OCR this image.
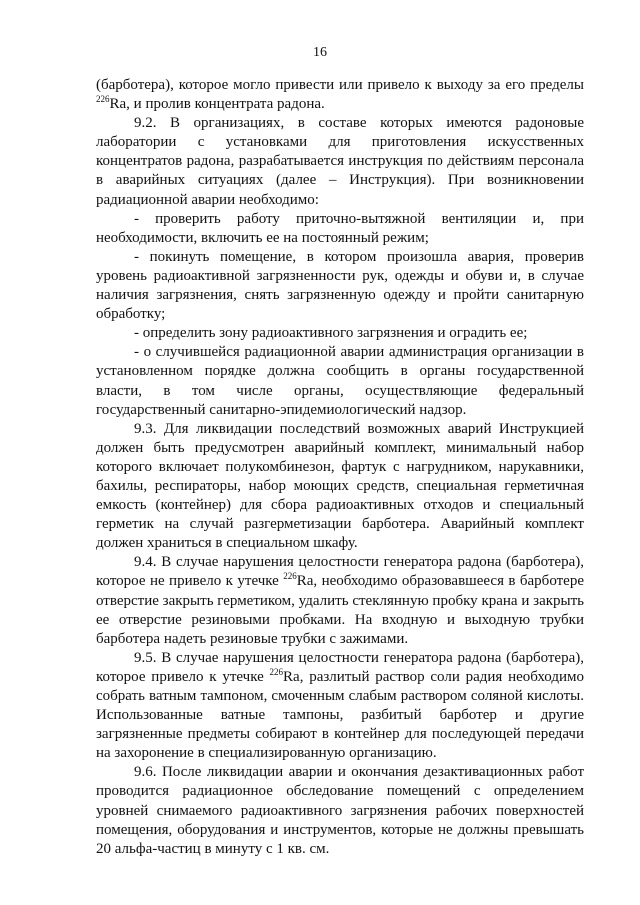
16

(барботера), которое могло привести или привело к выходу за его пределы $^{226}$Ra, и пролив концентрата радона.

9.2. В организациях, в составе которых имеются радоновые лаборатории с установками для приготовления искусственных концентратов радона, разрабатывается инструкция по действиям персонала в аварийных ситуациях (далее – Инструкция). При возникновении радиационной аварии необходимо:

- проверить работу приточно-вытяжной вентиляции и, при необходимости, включить ее на постоянный режим;

- покинуть помещение, в котором произошла авария, проверив уровень радиоактивной загрязненности рук, одежды и обуви и, в случае наличия загрязнения, снять загрязненную одежду и пройти санитарную обработку;

- определить зону радиоактивного загрязнения и оградить ее;

- о случившейся радиационной аварии администрация организации в установленном порядке должна сообщить в органы государственной власти, в том числе органы, осуществляющие федеральный государственный санитарно-эпидемиологический надзор.

9.3. Для ликвидации последствий возможных аварий Инструкцией должен быть предусмотрен аварийный комплект, минимальный набор которого включает полукомбинезон, фартук с нагрудником, нарукавники, бахилы, респираторы, набор моющих средств, специальная герметичная емкость (контейнер) для сбора радиоактивных отходов и специальный герметик на случай разгерметизации барботера. Аварийный комплект должен храниться в специальном шкафу.

9.4. В случае нарушения целостности генератора радона (барботера), которое не привело к утечке $^{226}$Ra, необходимо образовавшееся в барботере отверстие закрыть герметиком, удалить стеклянную пробку крана и закрыть ее отверстие резиновыми пробками. На входную и выходную трубки барботера надеть резиновые трубки с зажимами.

9.5. В случае нарушения целостности генератора радона (барботера), которое привело к утечке $^{226}$Ra, разлитый раствор соли радия необходимо собрать ватным тампоном, смоченным слабым раствором соляной кислоты. Использованные ватные тампоны, разбитый барботер и другие загрязненные предметы собирают в контейнер для последующей передачи на захоронение в специализированную организацию.

9.6. После ликвидации аварии и окончания дезактивационных работ проводится радиационное обследование помещений с определением уровней снимаемого радиоактивного загрязнения рабочих поверхностей помещения, оборудования и инструментов, которые не должны превышать 20 альфа-частиц в минуту с 1 кв. см.
